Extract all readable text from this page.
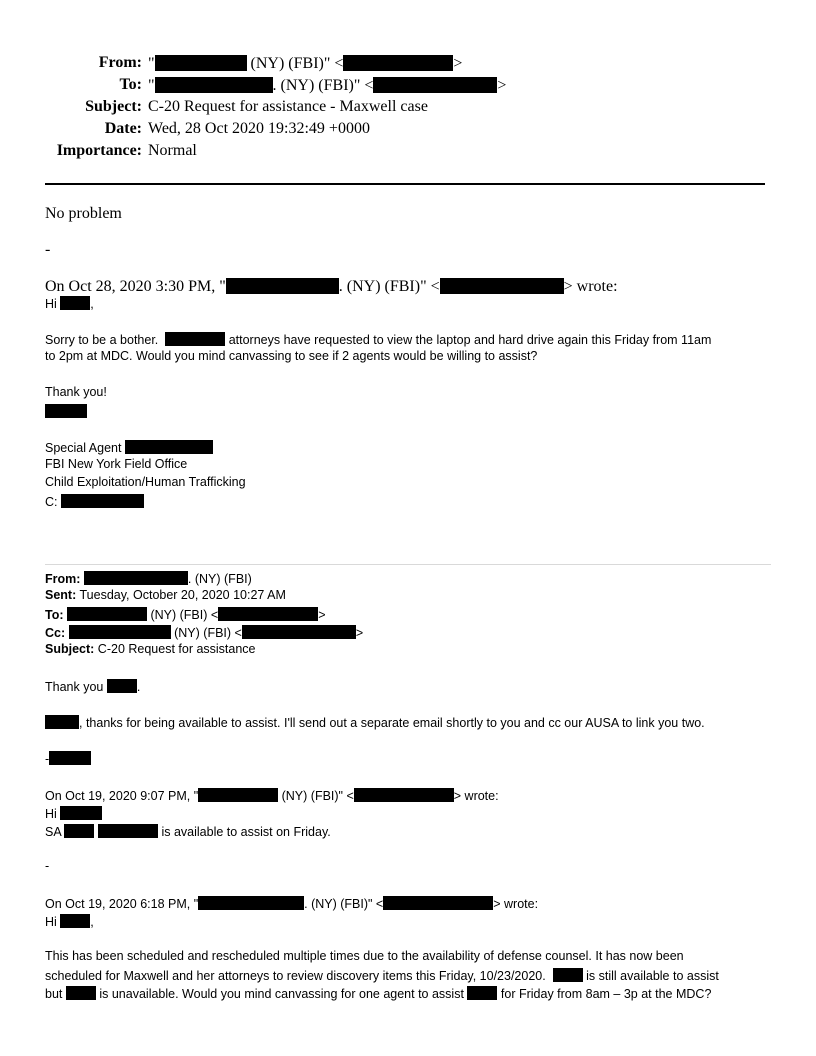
From: "	(NY) (FBI)" <	>
To: "	. (NY) (FBI)" <	>
Subject: C-20 Request for assistance - Maxwell case
Date: Wed, 28 Oct 2020 19:32:49 +0000
Importance: Normal
No problem
-
On Oct 28, 2020 3:30 PM, "	. (NY) (FBI)" <	> wrote:
Hi	,
Sorry to be a bother.	attorneys have requested to view the laptop and hard drive again this Friday from 11am
to 2pm at MDC. Would you mind canvassing to see if 2 agents would be willing to assist?
Thank you!
Special Agent
FBI New York Field Office
Child Exploitation/Human Trafficking
C:
From:	. (NY) (FBI)
Sent: Tuesday, October 20, 2020 10:27 AM
To:	(NY) (FBI) <	>
Cc:	(NY) (FBI) <	>
Subject: C-20 Request for assistance
Thank you	.
, thanks for being available to assist. I'll send out a separate email shortly to you and cc our AUSA to link you two.
-
On Oct 19, 2020 9:07 PM, "	(NY) (FBI)" <	> wrote:
Hi
SA	is available to assist on Friday.
-
On Oct 19, 2020 6:18 PM, "	. (NY) (FBI)" <	> wrote:
Hi	,
This has been scheduled and rescheduled multiple times due to the availability of defense counsel. It has now been
scheduled for Maxwell and her attorneys to review discovery items this Friday, 10/23/2020.	is still available to assist
but	is unavailable. Would you mind canvassing for one agent to assist	for Friday from 8am – 3p at the MDC?
